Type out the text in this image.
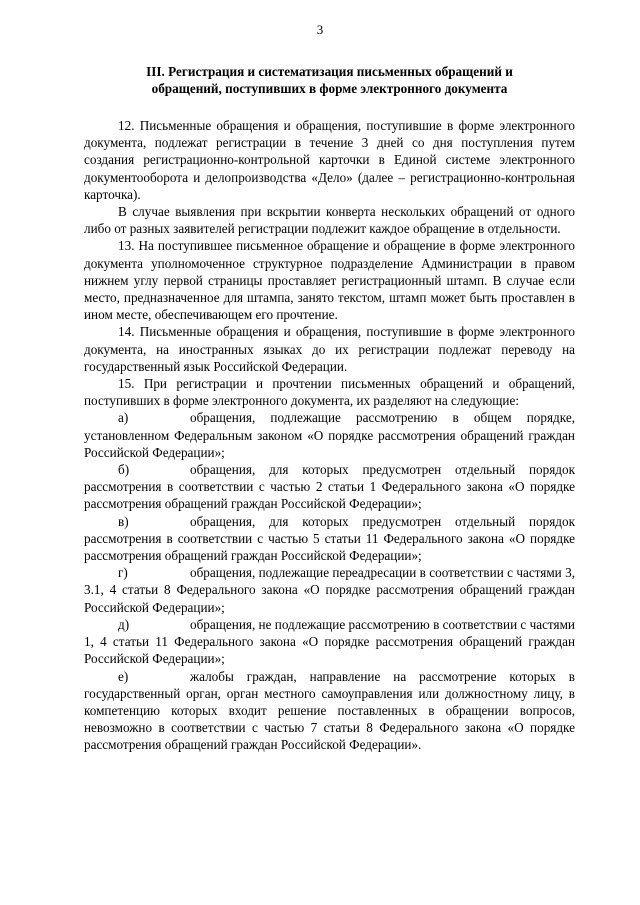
3
III. Регистрация и систематизация письменных обращений и
обращений, поступивших в форме электронного документа

12. Письменные обращения и обращения, поступившие в форме электронного документа, подлежат регистрации в течение 3 дней со дня поступления путем создания регистрационно-контрольной карточки в Единой системе электронного документооборота и делопроизводства «Дело» (далее – регистрационно-контрольная карточка).

В случае выявления при вскрытии конверта нескольких обращений от одного либо от разных заявителей регистрации подлежит каждое обращение в отдельности.

13. На поступившее письменное обращение и обращение в форме электронного документа уполномоченное структурное подразделение Администрации в правом нижнем углу первой страницы проставляет регистрационный штамп. В случае если место, предназначенное для штампа, занято текстом, штамп может быть проставлен в ином месте, обеспечивающем его прочтение.

14. Письменные обращения и обращения, поступившие в форме электронного документа, на иностранных языках до их регистрации подлежат переводу на государственный язык Российской Федерации.

15. При регистрации и прочтении письменных обращений и обращений, поступивших в форме электронного документа, их разделяют на следующие:

а)	обращения, подлежащие рассмотрению в общем порядке, установленном Федеральным законом «О порядке рассмотрения обращений граждан Российской Федерации»;

б)	обращения, для которых предусмотрен отдельный порядок рассмотрения в соответствии с частью 2 статьи 1 Федерального закона «О порядке рассмотрения обращений граждан Российской Федерации»;

в)	обращения, для которых предусмотрен отдельный порядок рассмотрения в соответствии с частью 5 статьи 11 Федерального закона «О порядке рассмотрения обращений граждан Российской Федерации»;

г)	обращения, подлежащие переадресации в соответствии с частями 3, 3.1, 4 статьи 8 Федерального закона «О порядке рассмотрения обращений граждан Российской Федерации»;

д)	обращения, не подлежащие рассмотрению в соответствии с частями 1, 4 статьи 11 Федерального закона «О порядке рассмотрения обращений граждан Российской Федерации»;

е)	жалобы граждан, направление на рассмотрение которых в государственный орган, орган местного самоуправления или должностному лицу, в компетенцию которых входит решение поставленных в обращении вопросов, невозможно в соответствии с частью 7 статьи 8 Федерального закона «О порядке рассмотрения обращений граждан Российской Федерации».
